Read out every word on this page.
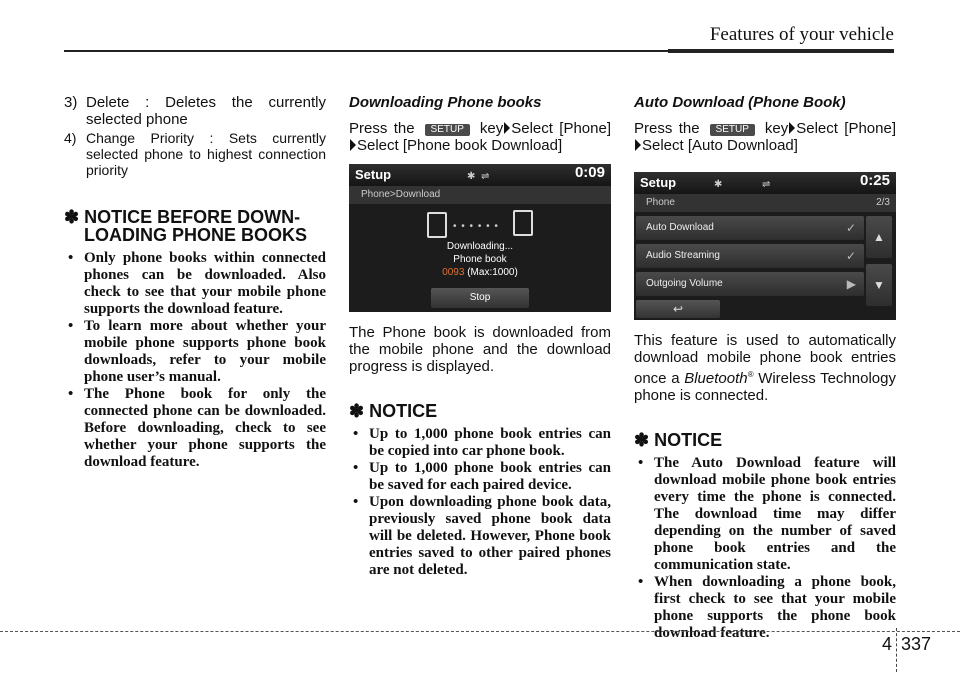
Features of your vehicle
3) Delete : Deletes the currently selected phone
4) Change Priority : Sets currently selected phone to highest connection priority
✽ NOTICE BEFORE DOWN-
LOADING PHONE BOOKS
• Only phone books within connected phones can be downloaded. Also check to see that your mobile phone supports the download feature.
• To learn more about whether your mobile phone supports phone book downloads, refer to your mobile phone user’s manual.
• The Phone book for only the connected phone can be downloaded. Before downloading, check to see whether your phone supports the download feature.
Downloading Phone books
Press the SETUP key Select [Phone]Select [Phone book Download]
Setup	✱ ⇌	0:09
Phone>Download
• • • • • •
Downloading...
Phone book
0093 (Max:1000)
Stop
The Phone book is downloaded from the mobile phone and the download progress is displayed.
✽ NOTICE
• Up to 1,000 phone book entries can be copied into car phone book.
• Up to 1,000 phone book entries can be saved for each paired device.
• Upon downloading phone book data, previously saved phone book data will be deleted. However, Phone book entries saved to other paired phones are not deleted.
Auto Download (Phone Book)
Press the SETUP key Select [Phone]Select [Auto Download]
Setup	✱	⇌	0:25
Phone	2/3
Auto Download	✓
Audio Streaming	✓
Outgoing Volume	▶
▲
▼
↩
This feature is used to automatically download mobile phone book entries once a Bluetooth® Wireless Technology phone is connected.
✽ NOTICE
• The Auto Download feature will download mobile phone book entries every time the phone is connected. The download time may differ depending on the number of saved phone book entries and the communication state.
• When downloading a phone book, first check to see that your mobile phone supports the phone book download feature.
4 337
